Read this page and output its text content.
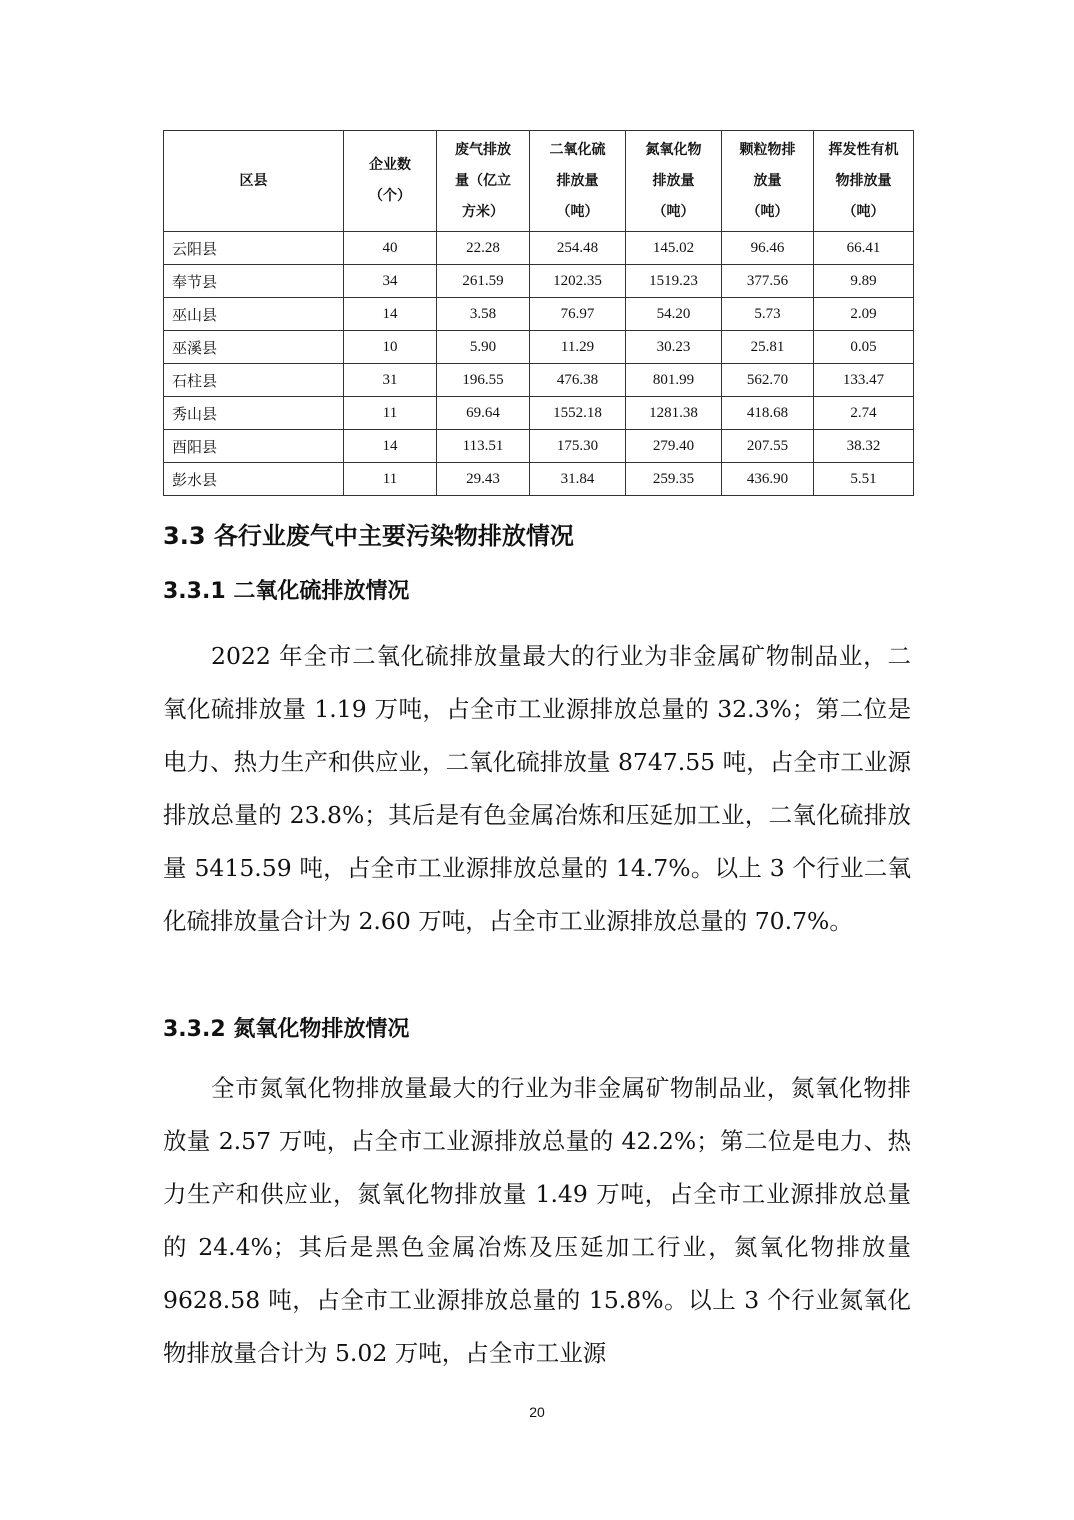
区县	企业数（个）	废气排放量（亿立方米）	二氧化硫排放量（吨）	氮氧化物排放量（吨）	颗粒物排放量（吨）	挥发性有机物排放量（吨）
云阳县	40	22.28	254.48	145.02	96.46	66.41
奉节县	34	261.59	1202.35	1519.23	377.56	9.89
巫山县	14	3.58	76.97	54.20	5.73	2.09
巫溪县	10	5.90	11.29	30.23	25.81	0.05
石柱县	31	196.55	476.38	801.99	562.70	133.47
秀山县	11	69.64	1552.18	1281.38	418.68	2.74
酉阳县	14	113.51	175.30	279.40	207.55	38.32
彭水县	11	29.43	31.84	259.35	436.90	5.51
3.3 各行业废气中主要污染物排放情况
3.3.1 二氧化硫排放情况

2022 年全市二氧化硫排放量最大的行业为非金属矿物制品业，二氧化硫排放量 1.19 万吨，占全市工业源排放总量的 32.3%；第二位是电力、热力生产和供应业，二氧化硫排放量 8747.55 吨，占全市工业源排放总量的 23.8%；其后是有色金属冶炼和压延加工业，二氧化硫排放量 5415.59 吨，占全市工业源排放总量的 14.7%。以上 3 个行业二氧化硫排放量合计为 2.60 万吨，占全市工业源排放总量的 70.7%。

3.3.2 氮氧化物排放情况

全市氮氧化物排放量最大的行业为非金属矿物制品业，氮氧化物排放量 2.57 万吨，占全市工业源排放总量的 42.2%；第二位是电力、热力生产和供应业，氮氧化物排放量 1.49 万吨，占全市工业源排放总量的 24.4%；其后是黑色金属冶炼及压延加工行业，氮氧化物排放量 9628.58 吨，占全市工业源排放总量的 15.8%。以上 3 个行业氮氧化物排放量合计为 5.02 万吨，占全市工业源

20
